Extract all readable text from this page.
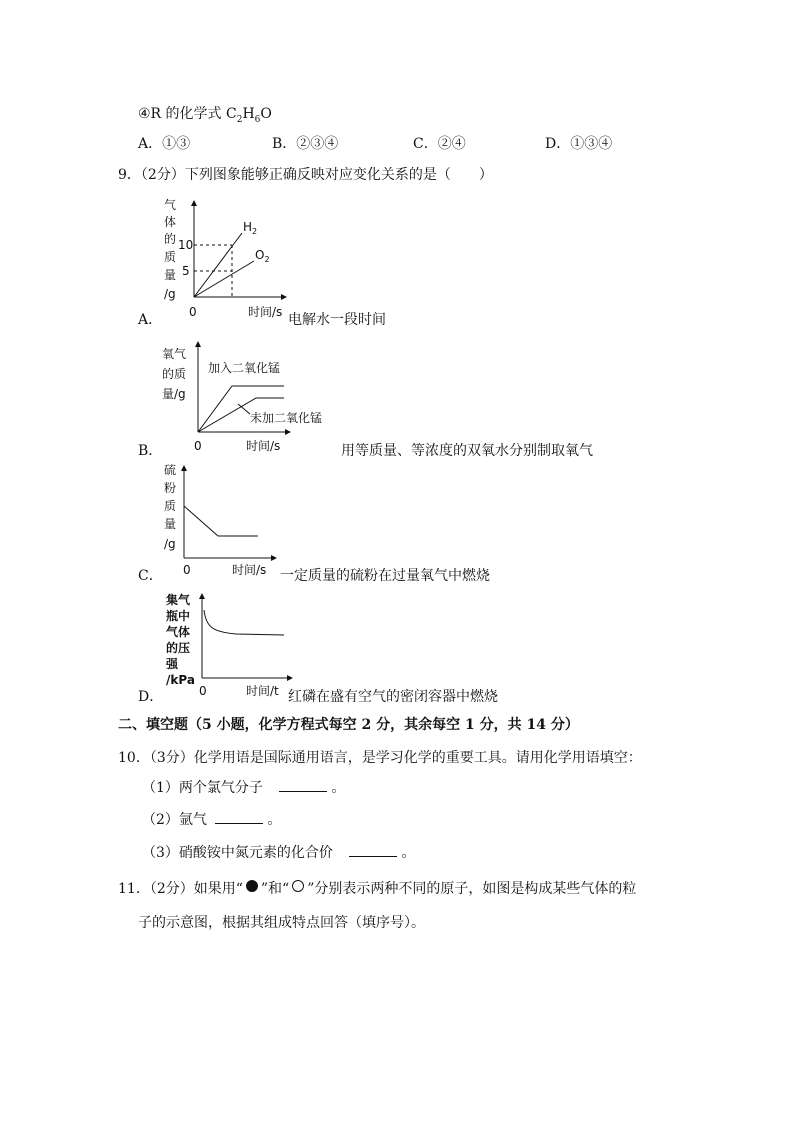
④R 的化学式 $C_2H_6O$
A．①③	B．②③④	C．②④	D．①③④
9．（2分）下列图象能够正确反映对应变化关系的是（　　）
气
体
的
质
量
/g
10
5
$H_2$
$O_2$
0	时间/s
A．	电解水一段时间
氧气
的质
量/g
加入二氧化锰
未加二氧化锰
0	时间/s
B．	用等质量、等浓度的双氧水分别制取氧气
硫
粉
质
量
/g
0	时间/s
C．	一定质量的硫粉在过量氧气中燃烧
集气
瓶中
气体
的压
强
/kPa
0	时间/t
D．	红磷在盛有空气的密闭容器中燃烧
二、填空题（5 小题，化学方程式每空 2 分，其余每空 1 分，共 14 分）
10．（3分）化学用语是国际通用语言，是学习化学的重要工具。请用化学用语填空：
（1）两个氯气分子	。
（2）氩气	。
（3）硝酸铵中氮元素的化合价	。
11．（2分）如果用“ ”和“ ”分别表示两种不同的原子，如图是构成某些气体的粒
子的示意图，根据其组成特点回答（填序号）。
